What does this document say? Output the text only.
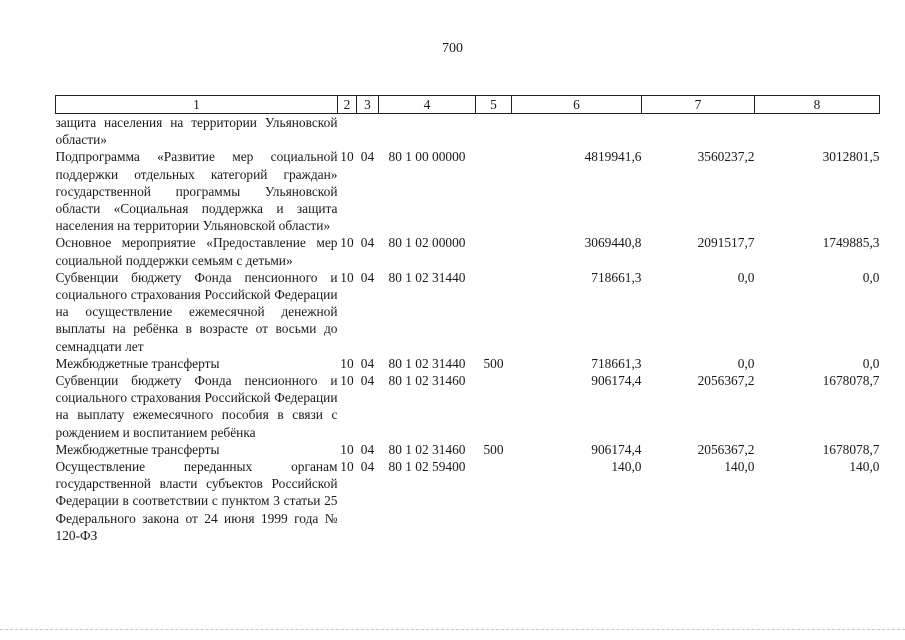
700
1	2	3	4	5	6	7	8
защита населения на территории Ульяновской области»							
Подпрограмма «Развитие мер социальной поддержки отдельных категорий граждан» государственной программы Ульяновской области «Социальная поддержка и защита населения на территории Ульяновской области»	10	04	80 1 00 00000		4819941,6	3560237,2	3012801,5
Основное мероприятие «Предоставление мер социальной поддержки семьям с детьми»	10	04	80 1 02 00000		3069440,8	2091517,7	1749885,3
Субвенции бюджету Фонда пенсионного и социального страхования Российской Федерации на осуществление ежемесячной денежной выплаты на ребёнка в возрасте от восьми до семнадцати лет	10	04	80 1 02 31440		718661,3	0,0	0,0
Межбюджетные трансферты	10	04	80 1 02 31440	500	718661,3	0,0	0,0
Субвенции бюджету Фонда пенсионного и социального страхования Российской Федерации на выплату ежемесячного пособия в связи с рождением и воспитанием ребёнка	10	04	80 1 02 31460		906174,4	2056367,2	1678078,7
Межбюджетные трансферты	10	04	80 1 02 31460	500	906174,4	2056367,2	1678078,7
Осуществление переданных органам государственной власти субъектов Российской Федерации в соответствии с пунктом 3 статьи 25 Федерального закона от 24 июня 1999 года № 120-ФЗ	10	04	80 1 02 59400		140,0	140,0	140,0
